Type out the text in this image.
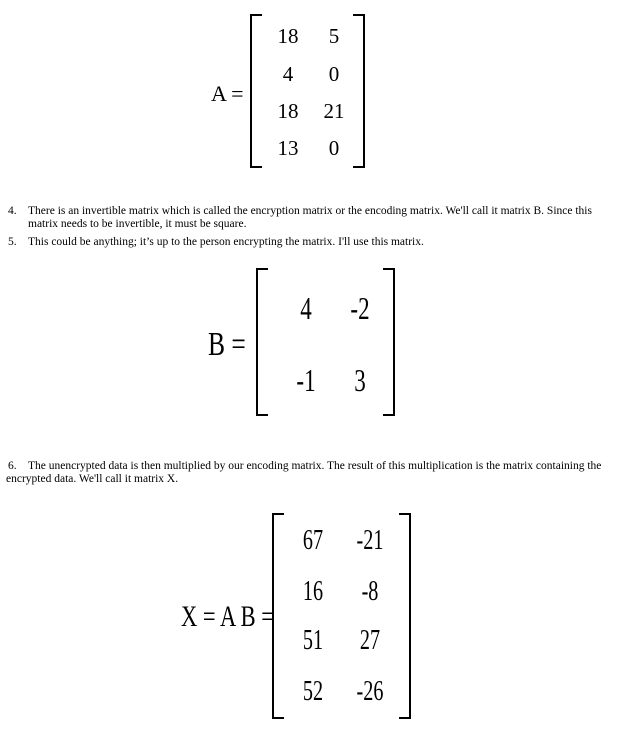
A =
18	5
4	0
18	21
13	0
4. There is an invertible matrix which is called the encryption matrix or the encoding matrix. We'll call it matrix B. Since this
matrix needs to be invertible, it must be square.
5. This could be anything; it’s up to the person encrypting the matrix. I'll use this matrix.
B =
4 -2
-1	3
6. The unencrypted data is then multiplied by our encoding matrix. The result of this multiplication is the matrix containing the
encrypted data. We'll call it matrix X.
X = A B =
67 -21
16	-8
51 27
52 -26
